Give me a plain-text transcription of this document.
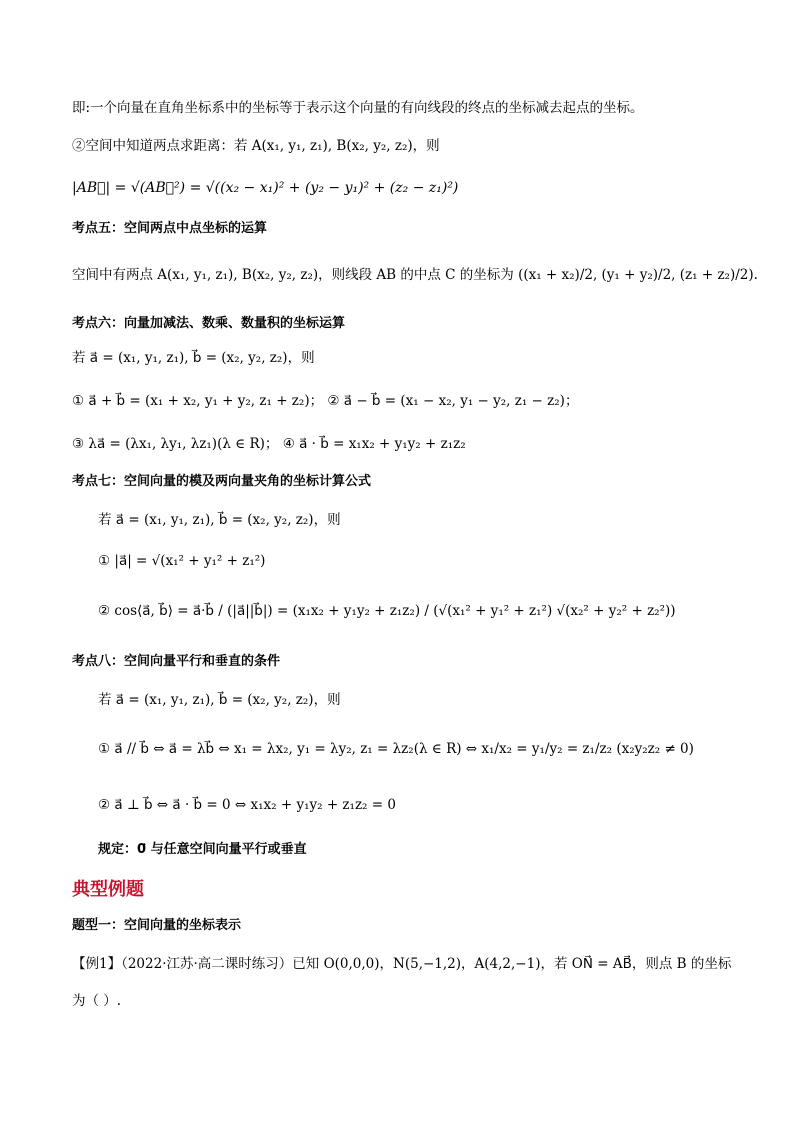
即:一个向量在直角坐标系中的坐标等于表示这个向量的有向线段的终点的坐标减去起点的坐标。
②空间中知道两点求距离：若 A(x₁, y₁, z₁), B(x₂, y₂, z₂)，则
|AB⃗| = √(AB⃗²) = √((x₂ − x₁)² + (y₂ − y₁)² + (z₂ − z₁)²)
考点五：空间两点中点坐标的运算
空间中有两点 A(x₁, y₁, z₁), B(x₂, y₂, z₂)，则线段 AB 的中点 C 的坐标为 ((x₁ + x₂)/2, (y₁ + y₂)/2, (z₁ + z₂)/2).
考点六：向量加减法、数乘、数量积的坐标运算
若 a⃗ = (x₁, y₁, z₁), b⃗ = (x₂, y₂, z₂)，则
① a⃗ + b⃗ = (x₁ + x₂, y₁ + y₂, z₁ + z₂)； ② a⃗ − b⃗ = (x₁ − x₂, y₁ − y₂, z₁ − z₂)；
③ λa⃗ = (λx₁, λy₁, λz₁)(λ ∈ R)； ④ a⃗ · b⃗ = x₁x₂ + y₁y₂ + z₁z₂
考点七：空间向量的模及两向量夹角的坐标计算公式
若 a⃗ = (x₁, y₁, z₁), b⃗ = (x₂, y₂, z₂)，则
① |a⃗| = √(x₁² + y₁² + z₁²)
② cos⟨a⃗, b⃗⟩ = a⃗·b⃗ / (|a⃗||b⃗|) = (x₁x₂ + y₁y₂ + z₁z₂) / (√(x₁² + y₁² + z₁²) √(x₂² + y₂² + z₂²))
考点八：空间向量平行和垂直的条件
若 a⃗ = (x₁, y₁, z₁), b⃗ = (x₂, y₂, z₂)，则
① a⃗ // b⃗ ⇔ a⃗ = λb⃗ ⇔ x₁ = λx₂, y₁ = λy₂, z₁ = λz₂(λ ∈ R) ⇔ x₁/x₂ = y₁/y₂ = z₁/z₂ (x₂y₂z₂ ≠ 0)
② a⃗ ⊥ b⃗ ⇔ a⃗ · b⃗ = 0 ⇔ x₁x₂ + y₁y₂ + z₁z₂ = 0
规定：0⃗ 与任意空间向量平行或垂直
典型例题
题型一：空间向量的坐标表示
【例1】（2022·江苏·高二课时练习）已知 O(0,0,0)，N(5,−1,2)，A(4,2,−1)，若 ON⃗ = AB⃗，则点 B 的坐标
为（ ）.
